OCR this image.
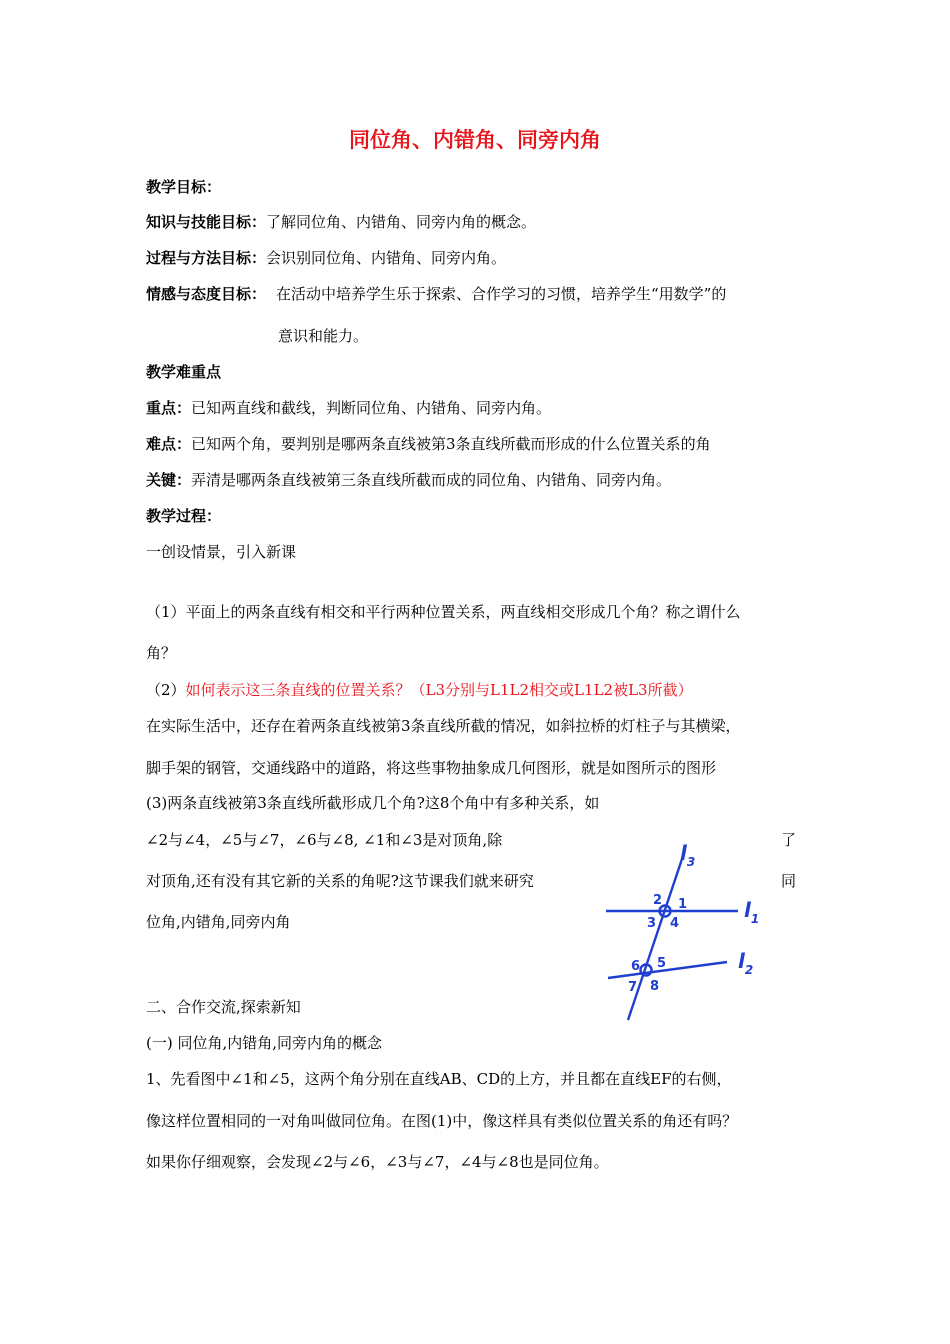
同位角、内错角、同旁内角
教学目标：
知识与技能目标：了解同位角、内错角、同旁内角的概念。
过程与方法目标：会识别同位角、内错角、同旁内角。
情感与态度目标： 在活动中培养学生乐于探索、合作学习的习惯，培养学生“用数学”的
意识和能力。
教学难重点
重点：已知两直线和截线，判断同位角、内错角、同旁内角。
难点：已知两个角，要判别是哪两条直线被第3条直线所截而形成的什么位置关系的角
关键：弄清是哪两条直线被第三条直线所截而成的同位角、内错角、同旁内角。
教学过程：
一创设情景，引入新课
（1）平面上的两条直线有相交和平行两种位置关系，两直线相交形成几个角？称之谓什么
角？
（2）如何表示这三条直线的位置关系？（L3分别与L1L2相交或L1L2被L3所截）
在实际生活中，还存在着两条直线被第3条直线所截的情况，如斜拉桥的灯柱子与其横梁，
脚手架的钢管，交通线路中的道路，将这些事物抽象成几何图形，就是如图所示的图形
(3)两条直线被第3条直线所截形成几个角?这8个角中有多种关系，如
∠2与∠4，∠5与∠7，∠6与∠8, ∠1和∠3是对顶角,除	了
对顶角,还有没有其它新的关系的角呢?这节课我们就来研究	同
位角,内错角,同旁内角
$l_3$
$l_1$
$l_2$
1
2
3 4
5
6
7 8
二、合作交流,探索新知
(一) 同位角,内错角,同旁内角的概念
1、先看图中∠1和∠5，这两个角分别在直线AB、CD的上方，并且都在直线EF的右侧，
像这样位置相同的一对角叫做同位角。在图(1)中，像这样具有类似位置关系的角还有吗？
如果你仔细观察，会发现∠2与∠6，∠3与∠7，∠4与∠8也是同位角。
